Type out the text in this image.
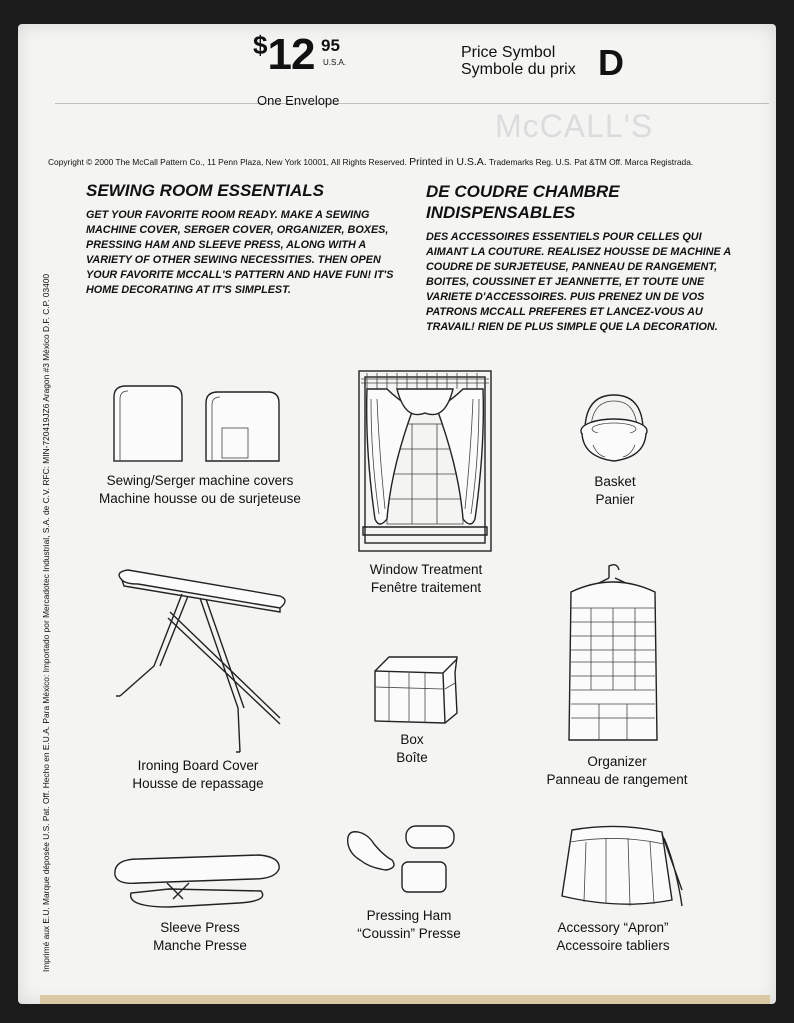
McCALL'S
$12 95
U.S.A.
Price Symbol
Symbole du prix D
One Envelope
Copyright © 2000 The McCall Pattern Co., 11 Penn Plaza, New York 10001, All Rights Reserved. Printed in U.S.A. Trademarks Reg. U.S. Pat &TM Off. Marca Registrada.
SEWING ROOM ESSENTIALS
GET YOUR FAVORITE ROOM READY. MAKE A SEWING MACHINE COVER, SERGER COVER, ORGANIZER, BOXES, PRESSING HAM AND SLEEVE PRESS, ALONG WITH A VARIETY OF OTHER SEWING NECESSITIES. THEN OPEN YOUR FAVORITE MCCALL'S PATTERN AND HAVE FUN! IT'S HOME DECORATING AT IT'S SIMPLEST.
DE COUDRE CHAMBRE INDISPENSABLES
DES ACCESSOIRES ESSENTIELS POUR CELLES QUI AIMANT LA COUTURE. REALISEZ HOUSSE DE MACHINE A COUDRE DE SURJETEUSE, PANNEAU DE RANGEMENT, BOITES, COUSSINET ET JEANNETTE, ET TOUTE UNE VARIETE D'ACCESSOIRES. PUIS PRENEZ UN DE VOS PATRONS MCCALL PREFERES ET LANCEZ-VOUS AU TRAVAIL! RIEN DE PLUS SIMPLE QUE LA DECORATION.
Imprimé aux E.U. Marque déposée U.S. Pat. Off. Hecho en E.U.A. Para México: Importado por Mercadotec Industrial, S.A. de C.V. RFC: MIN-720419JZ6 Aragon #3 México D.F. C.P. 03400	Sewing/Serger machine covers
Machine housse ou de surjeteuse
Window Treatment
Fenêtre traitement
Basket
Panier
Ironing Board Cover
Housse de repassage
Box
Boîte	Organizer
Panneau de rangement
Sleeve Press
Manche Presse
Pressing Ham
“Coussin” Presse	Accessory “Apron”
Accessoire tabliers
